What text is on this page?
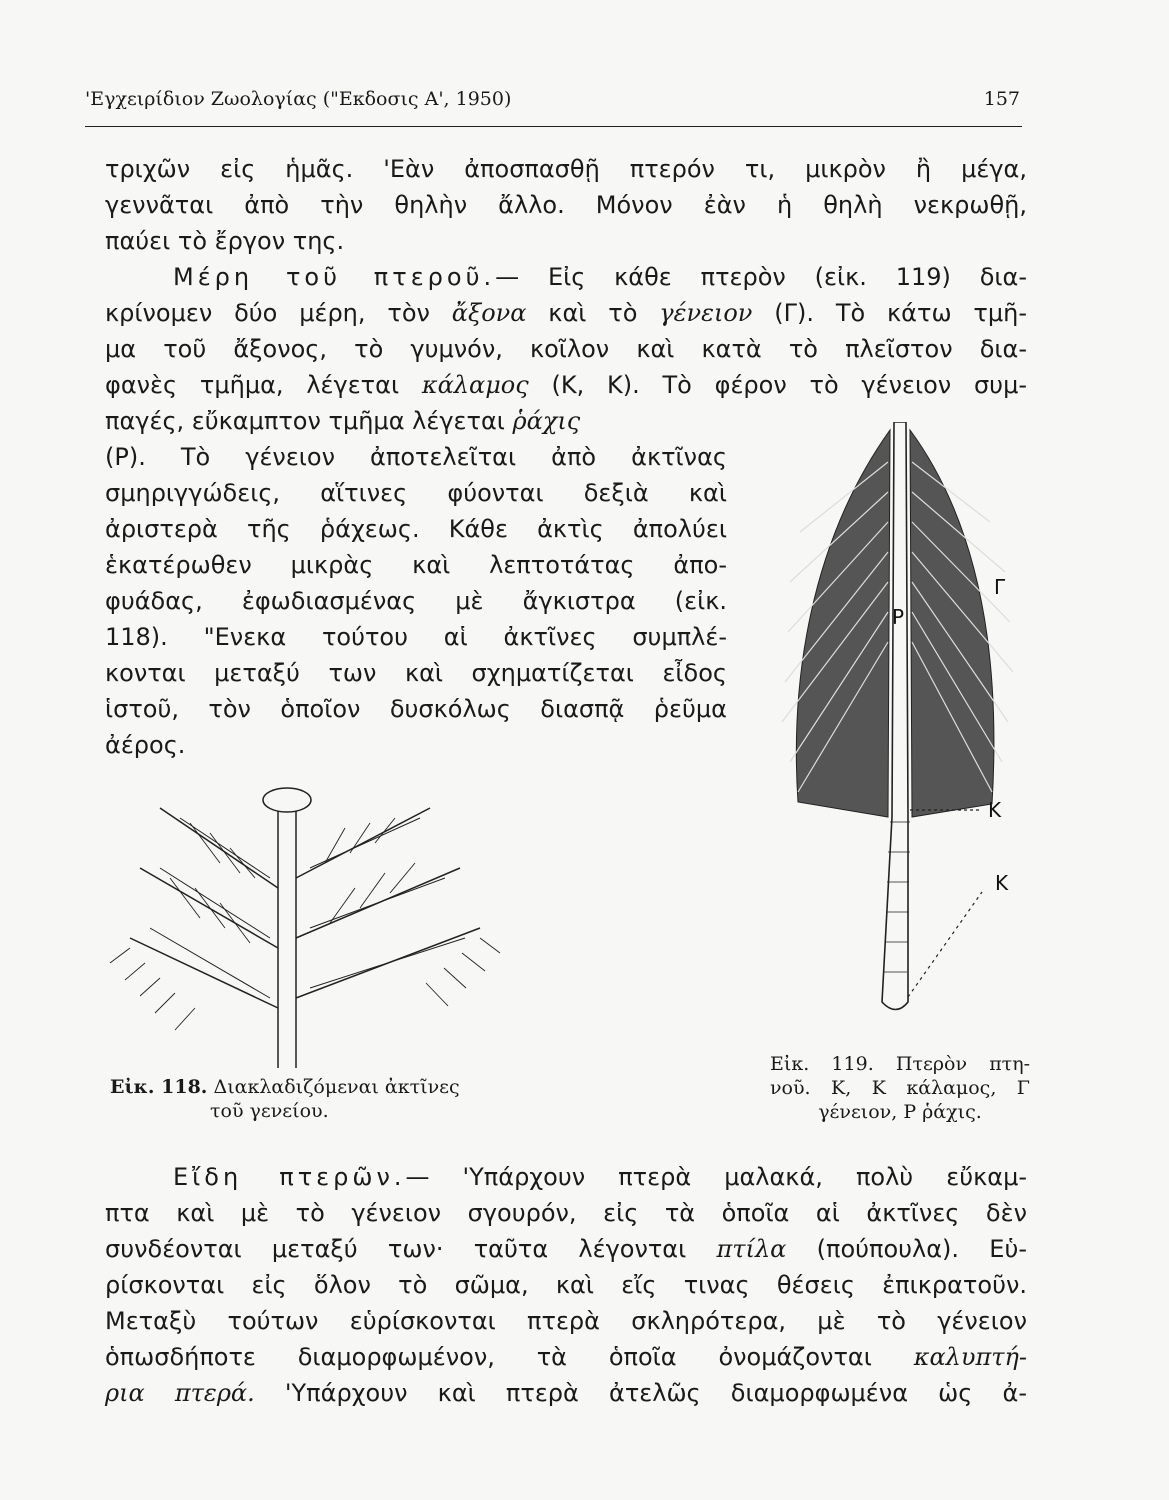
'Εγχειρίδιον Ζωολογίας ("Εκδοσις Α', 1950)	157
τριχῶν εἰς ἡμᾶς. 'Εὰν ἀποσπασθῇ πτερόν τι, μικρὸν ἢ μέγα,
γεννᾶται ἀπὸ τὴν θηλὴν ἄλλο. Μόνον ἐὰν ἡ θηλὴ νεκρωθῇ,
παύει τὸ ἔργον της.
Μέρη τοῦ πτεροῦ.— Εἰς κάθε πτερὸν (εἰκ. 119) δια-
κρίνομεν δύο μέρη, τὸν ἄξονα καὶ τὸ γένειον (Γ). Τὸ κάτω τμῆ-
μα τοῦ ἄξονος, τὸ γυμνόν, κοῖλον καὶ κατὰ τὸ πλεῖστον δια-
φανὲς τμῆμα, λέγεται κάλαμος (Κ, Κ). Τὸ φέρον τὸ γένειον συμ-
παγές, εὔκαμπτον τμῆμα λέγεται ῥάχις
(Ρ). Τὸ γένειον ἀποτελεῖται ἀπὸ ἀκτῖνας
σμηριγγώδεις, αἵτινες φύονται δεξιὰ καὶ
ἀριστερὰ τῆς ῥάχεως. Κάθε ἀκτὶς ἀπολύει
ἑκατέρωθεν μικρὰς καὶ λεπτοτάτας ἀπο-
φυάδας, ἐφωδιασμένας μὲ ἄγκιστρα (εἰκ.
118). "Ενεκα τούτου αἱ ἀκτῖνες συμπλέ-
κονται μεταξύ των καὶ σχηματίζεται εἶδος
ἱστοῦ, τὸν ὁποῖον δυσκόλως διασπᾷ ῥεῦμα
ἀέρος.
Ρ
Γ
Κ
Κ
Εἰκ. 118. Διακλαδιζόμεναι ἀκτῖνες
τοῦ γενείου.
Εἰκ. 119. Πτερὸν πτη-
νοῦ. Κ, Κ κάλαμος, Γ
γένειον, Ρ ῥάχις.
Εἴδη πτερῶν.— 'Υπάρχουν πτερὰ μαλακά, πολὺ εὔκαμ-
πτα καὶ μὲ τὸ γένειον σγουρόν, εἰς τὰ ὁποῖα αἱ ἀκτῖνες δὲν
συνδέονται μεταξύ των· ταῦτα λέγονται πτίλα (πούπουλα). Εὑ-
ρίσκονται εἰς ὅλον τὸ σῶμα, καὶ εἴς τινας θέσεις ἐπικρατοῦν.
Μεταξὺ τούτων εὑρίσκονται πτερὰ σκληρότερα, μὲ τὸ γένειον
ὁπωσδήποτε διαμορφωμένον, τὰ ὁποῖα ὀνομάζονται καλυπτή-
ρια πτερά. 'Υπάρχουν καὶ πτερὰ ἀτελῶς διαμορφωμένα ὡς ἀ-
